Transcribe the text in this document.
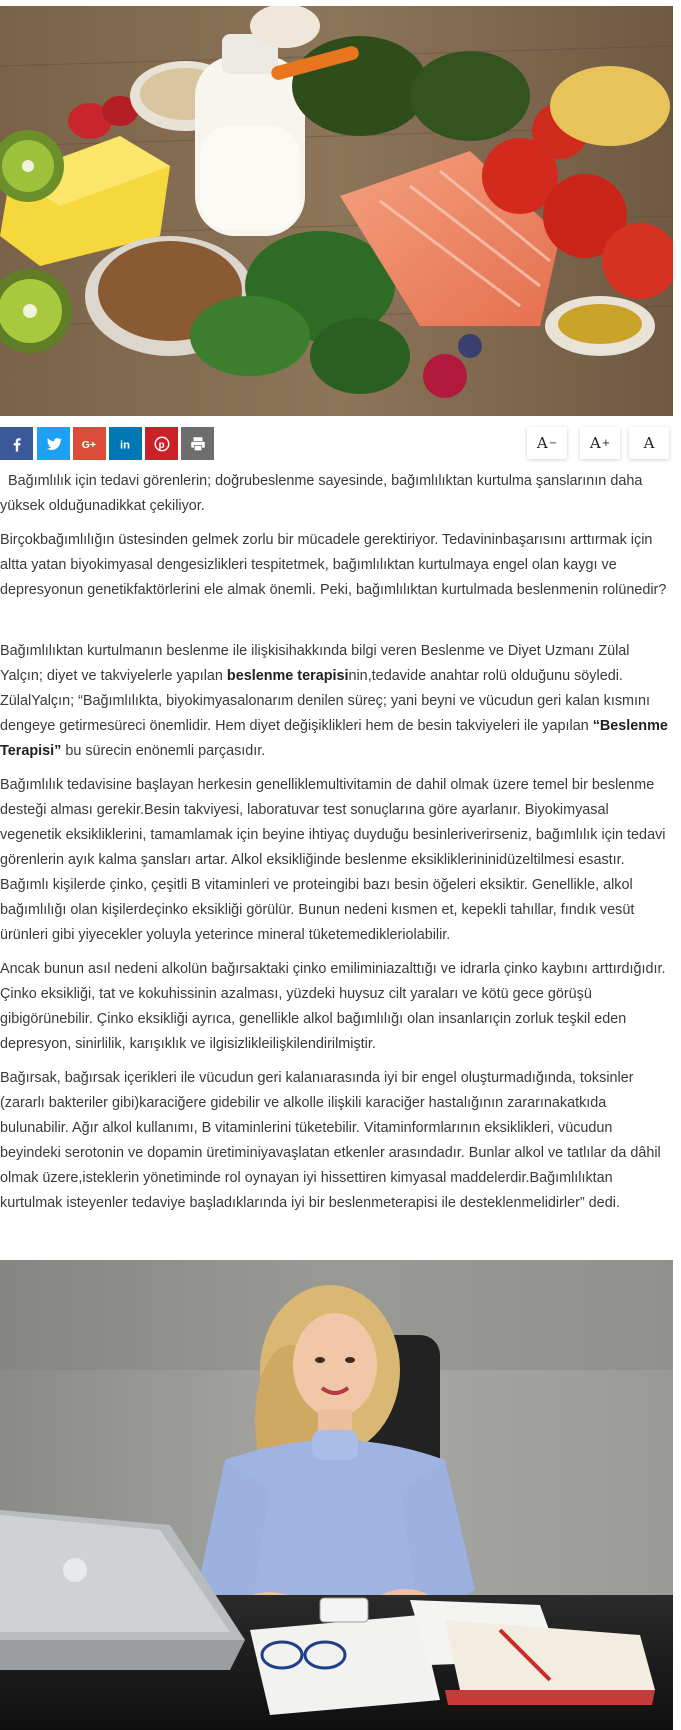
G+ in p	A − A + A

Bağımlılık için tedavi görenlerin; doğrubeslenme sayesinde, bağımlılıktan kurtulma şanslarının daha yüksek olduğunadikkat çekiliyor.

Birçokbağımlılığın üstesinden gelmek zorlu bir mücadele gerektiriyor. Tedavininbaşarısını arttırmak için altta yatan biyokimyasal dengesizlikleri tespitetmek, bağımlılıktan kurtulmaya engel olan kaygı ve depresyonun genetikfaktörlerini ele almak önemli. Peki, bağımlılıktan kurtulmada beslenmenin rolünedir?

Bağımlılıktan kurtulmanın beslenme ile ilişkisihakkında bilgi veren Beslenme ve Diyet Uzmanı Zülal Yalçın; diyet ve takviyelerle yapılan beslenme terapisinin,tedavide anahtar rolü olduğunu söyledi. ZülalYalçın; “Bağımlılıkta, biyokimyasalonarım denilen süreç; yani beyni ve vücudun geri kalan kısmını dengeye getirmesüreci önemlidir. Hem diyet değişiklikleri hem de besin takviyeleri ile yapılan “Beslenme Terapisi” bu sürecin enönemli parçasıdır.

Bağımlılık tedavisine başlayan herkesin genelliklemultivitamin de dahil olmak üzere temel bir beslenme desteği alması gerekir.Besin takviyesi, laboratuvar test sonuçlarına göre ayarlanır. Biyokimyasal vegenetik eksikliklerini, tamamlamak için beyine ihtiyaç duyduğu besinleriverirseniz, bağımlılık için tedavi görenlerin ayık kalma şansları artar. Alkol eksikliğinde beslenme eksikliklerininidüzeltilmesi esastır. Bağımlı kişilerde çinko, çeşitli B vitaminleri ve proteingibi bazı besin öğeleri eksiktir. Genellikle, alkol bağımlılığı olan kişilerdeçinko eksikliği görülür. Bunun nedeni kısmen et, kepekli tahıllar, fındık vesüt ürünleri gibi yiyecekler yoluyla yeterince mineral tüketemedikleriolabilir.

Ancak bunun asıl nedeni alkolün bağırsaktaki çinko emiliminiazalttığı ve idrarla çinko kaybını arttırdığıdır. Çinko eksikliği, tat ve kokuhissinin azalması, yüzdeki huysuz cilt yaraları ve kötü gece görüşü gibigörünebilir. Çinko eksikliği ayrıca, genellikle alkol bağımlılığı olan insanlarıçin zorluk teşkil eden depresyon, sinirlilik, karışıklık ve ilgisizlikleilişkilendirilmiştir.

Bağırsak, bağırsak içerikleri ile vücudun geri kalanıarasında iyi bir engel oluşturmadığında, toksinler (zararlı bakteriler gibi)karaciğere gidebilir ve alkolle ilişkili karaciğer hastalığının zararınakatkıda bulunabilir. Ağır alkol kullanımı, B vitaminlerini tüketebilir. Vitaminformlarının eksiklikleri, vücudun beyindeki serotonin ve dopamin üretiminiyavaşlatan etkenler arasındadır. Bunlar alkol ve tatlılar da dâhil olmak üzere,isteklerin yönetiminde rol oynayan iyi hissettiren kimyasal maddelerdir.Bağımlılıktan kurtulmak isteyenler tedaviye başladıklarında iyi bir beslenmeterapisi ile desteklenmelidirler” dedi.
